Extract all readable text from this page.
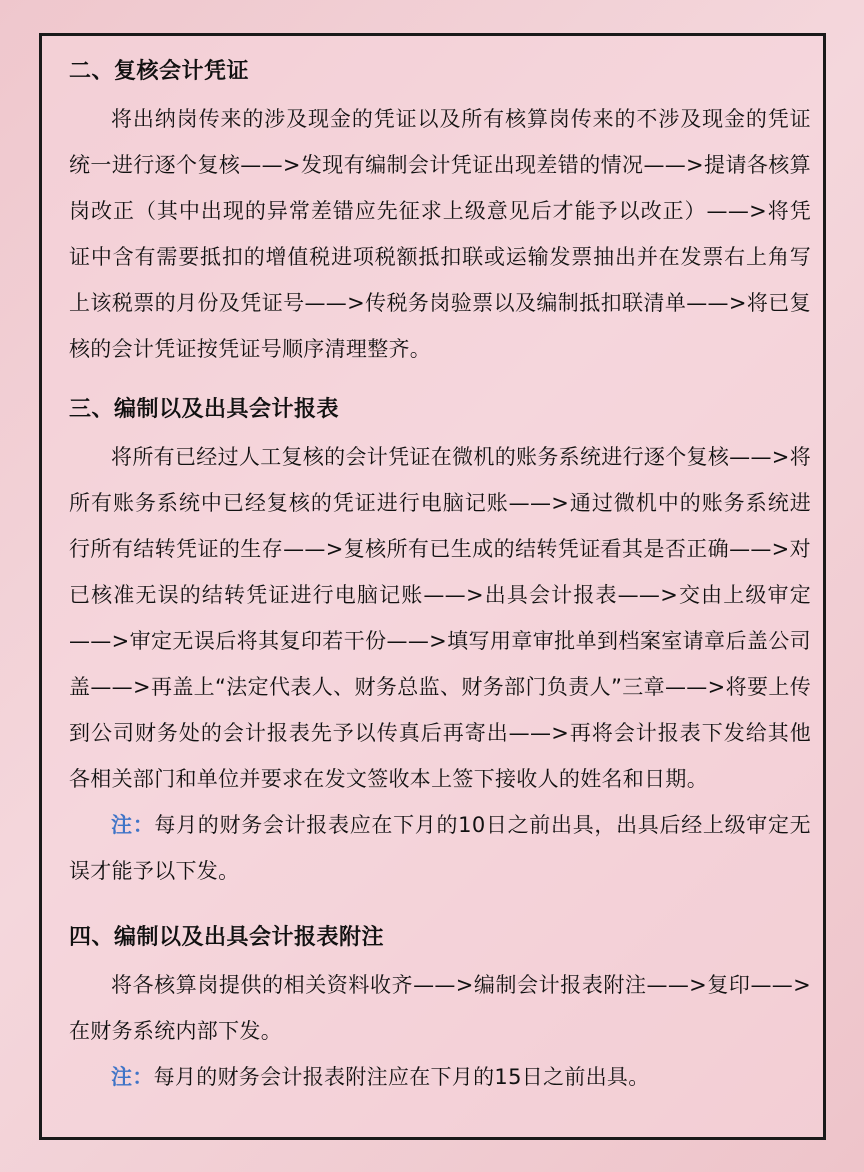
二、复核会计凭证

将出纳岗传来的涉及现金的凭证以及所有核算岗传来的不涉及现金的凭证统一进行逐个复核——>发现有编制会计凭证出现差错的情况——>提请各核算岗改正（其中出现的异常差错应先征求上级意见后才能予以改正）——>将凭证中含有需要抵扣的增值税进项税额抵扣联或运输发票抽出并在发票右上角写上该税票的月份及凭证号——>传税务岗验票以及编制抵扣联清单——>将已复核的会计凭证按凭证号顺序清理整齐。

三、编制以及出具会计报表

将所有已经过人工复核的会计凭证在微机的账务系统进行逐个复核——>将所有账务系统中已经复核的凭证进行电脑记账——>通过微机中的账务系统进行所有结转凭证的生存——>复核所有已生成的结转凭证看其是否正确——>对已核准无误的结转凭证进行电脑记账——>出具会计报表——>交由上级审定——>审定无误后将其复印若干份——>填写用章审批单到档案室请章后盖公司盖——>再盖上“法定代表人、财务总监、财务部门负责人”三章——>将要上传到公司财务处的会计报表先予以传真后再寄出——>再将会计报表下发给其他各相关部门和单位并要求在发文签收本上签下接收人的姓名和日期。

注：每月的财务会计报表应在下月的10日之前出具，出具后经上级审定无误才能予以下发。

四、编制以及出具会计报表附注

将各核算岗提供的相关资料收齐——>编制会计报表附注——>复印——>在财务系统内部下发。

注：每月的财务会计报表附注应在下月的15日之前出具。
